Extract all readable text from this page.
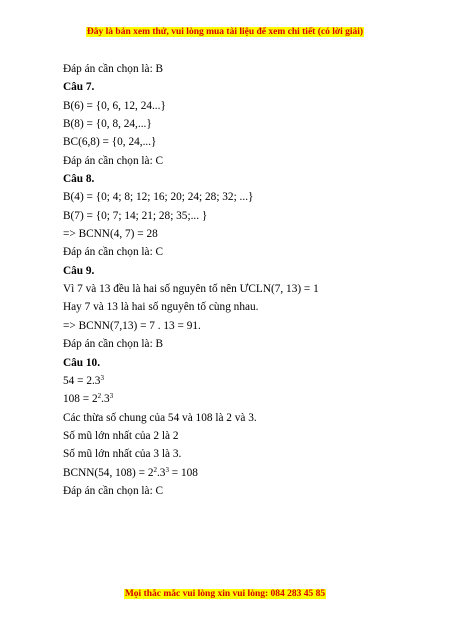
Đây là bản xem thử, vui lòng mua tài liệu để xem chi tiết (có lời giải)
Đáp án cần chọn là: B
Câu 7.
B(6) = {0, 6, 12, 24...}
B(8) = {0, 8, 24,...}
BC(6,8) = {0, 24,...}
Đáp án cần chọn là: C
Câu 8.
B(4) = {0; 4; 8; 12; 16; 20; 24; 28; 32; ...}
B(7) = {0; 7; 14; 21; 28; 35;... }
=> BCNN(4, 7) = 28
Đáp án cần chọn là: C
Câu 9.
Vì 7 và 13 đều là hai số nguyên tố nên ƯCLN(7, 13) = 1
Hay 7 và 13 là hai số nguyên tố cùng nhau.
=> BCNN(7,13) = 7 . 13 = 91.
Đáp án cần chọn là: B
Câu 10.
$54 = 2.3^3$
$108 = 2^2.3^3$
Các thừa số chung của 54 và 108 là 2 và 3.
Số mũ lớn nhất của 2 là 2
Số mũ lớn nhất của 3 là 3.
BCNN(54, $108) = 2^2.3^3 = 108$
Đáp án cần chọn là: C
Mọi thắc mắc vui lòng xin vui lòng: 084 283 45 85
